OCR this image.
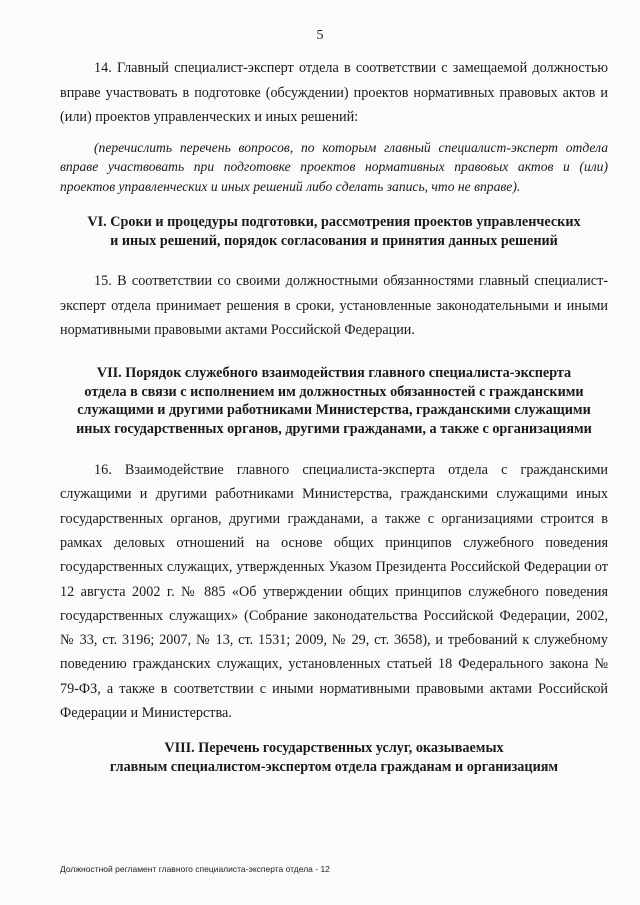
5

14. Главный специалист-эксперт отдела в соответствии с замещаемой должностью вправе участвовать в подготовке (обсуждении) проектов нормативных правовых актов и (или) проектов управленческих и иных решений:

(перечислить перечень вопросов, по которым главный специалист-эксперт отдела вправе участвовать при подготовке проектов нормативных правовых актов и (или) проектов управленческих и иных решений либо сделать запись, что не вправе).

VI. Сроки и процедуры подготовки, рассмотрения проектов управленческих
и иных решений, порядок согласования и принятия данных решений

15. В соответствии со своими должностными обязанностями главный специалист-эксперт отдела принимает решения в сроки, установленные законодательными и иными нормативными правовыми актами Российской Федерации.

VII. Порядок служебного взаимодействия главного специалиста-эксперта
отдела в связи с исполнением им должностных обязанностей с гражданскими
служащими и другими работниками Министерства, гражданскими служащими
иных государственных органов, другими гражданами, а также с организациями

16. Взаимодействие главного специалиста-эксперта отдела с гражданскими служащими и другими работниками Министерства, гражданскими служащими иных государственных органов, другими гражданами, а также с организациями строится в рамках деловых отношений на основе общих принципов служебного поведения государственных служащих, утвержденных Указом Президента Российской Федерации от 12 августа 2002 г. № 885 «Об утверждении общих принципов служебного поведения государственных служащих» (Собрание законодательства Российской Федерации, 2002, № 33, ст. 3196; 2007, № 13, ст. 1531; 2009, № 29, ст. 3658), и требований к служебному поведению гражданских служащих, установленных статьей 18 Федерального закона № 79-ФЗ, а также в соответствии с иными нормативными правовыми актами Российской Федерации и Министерства.

VIII. Перечень государственных услуг, оказываемых
главным специалистом-экспертом отдела гражданам и организациям
Должностной регламент главного специалиста-эксперта отдела - 12
